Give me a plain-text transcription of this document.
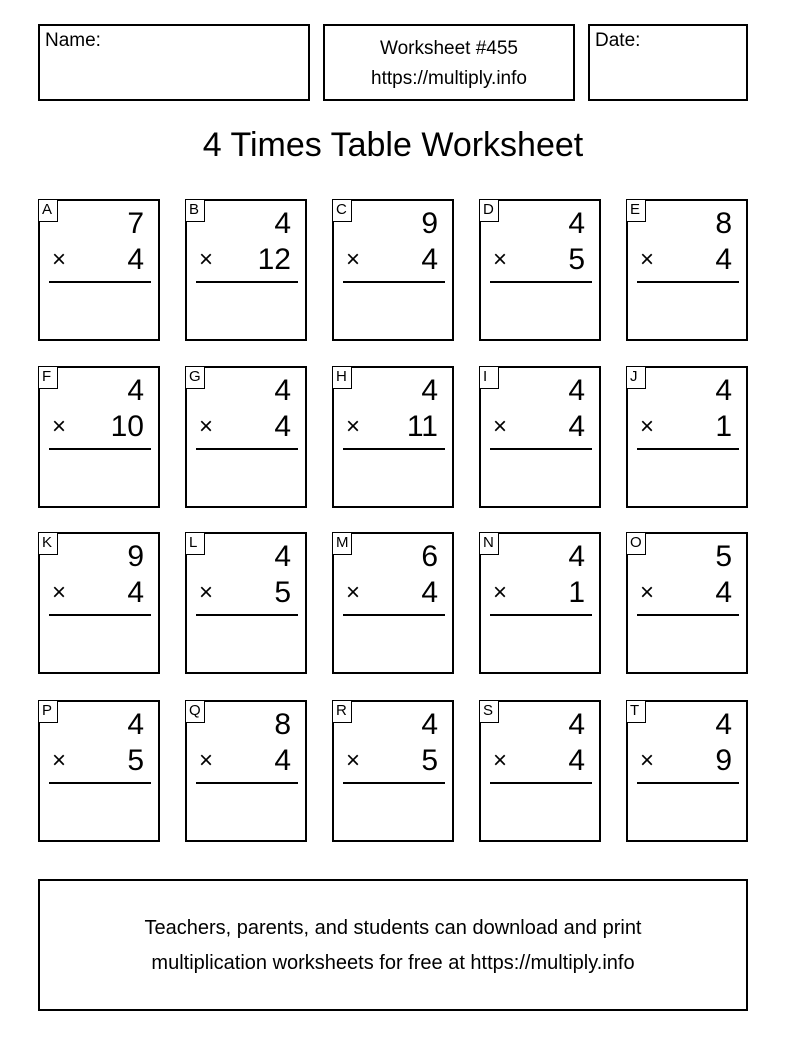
Name:	Worksheet #455
https://multiply.info
Date:
4 Times Table Worksheet
A	7
× 4
B	4
× 12
C 9
× 4
D 4
× 5
E	8
× 4
F	4
× 10
G 4
× 4
H 4
× 11
I	4
× 4
J	4
× 1
K	9
× 4
L	4
× 5
M 6
× 4
N 4
× 1
O 5
× 4
P	4
× 5
Q 8
× 4
R 4
× 5
S	4
× 4
T	4
× 9
Teachers, parents, and students can download and print
multiplication worksheets for free at https://multiply.info
